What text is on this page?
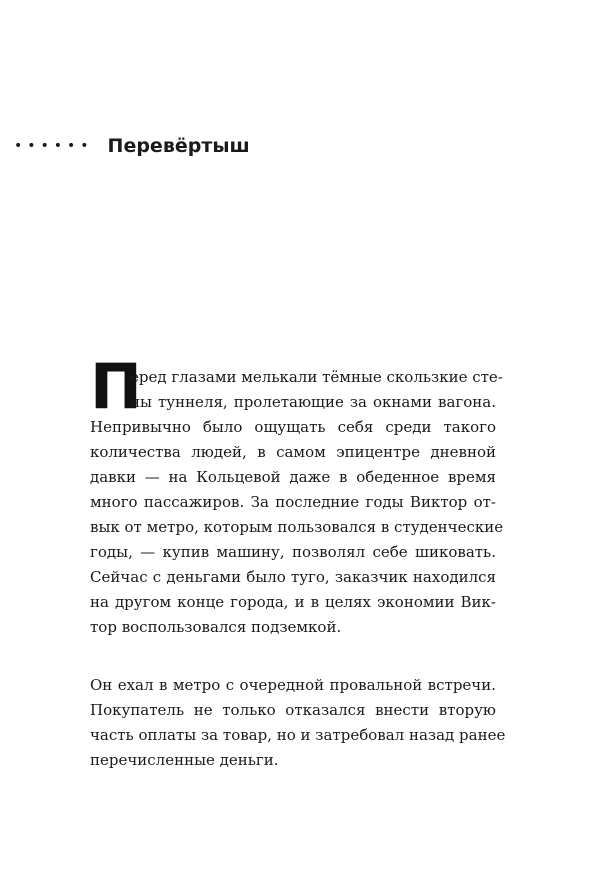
•••••• Перевёртыш
П
еред глазами мелькали тёмные скользкие сте-
ны туннеля, пролетающие за окнами вагона.
Непривычно было ощущать себя среди такого
количества людей, в самом эпицентре дневной
давки — на Кольцевой даже в обеденное время
много пассажиров. За последние годы Виктор от-
вык от метро, которым пользовался в студенческие
годы, — купив машину, позволял себе шиковать.
Сейчас с деньгами было туго, заказчик находился
на другом конце города, и в целях экономии Вик-
тор воспользовался подземкой.
Он ехал в метро с очередной провальной встречи.
Покупатель не только отказался внести вторую
часть оплаты за товар, но и затребовал назад ранее
перечисленные деньги.
